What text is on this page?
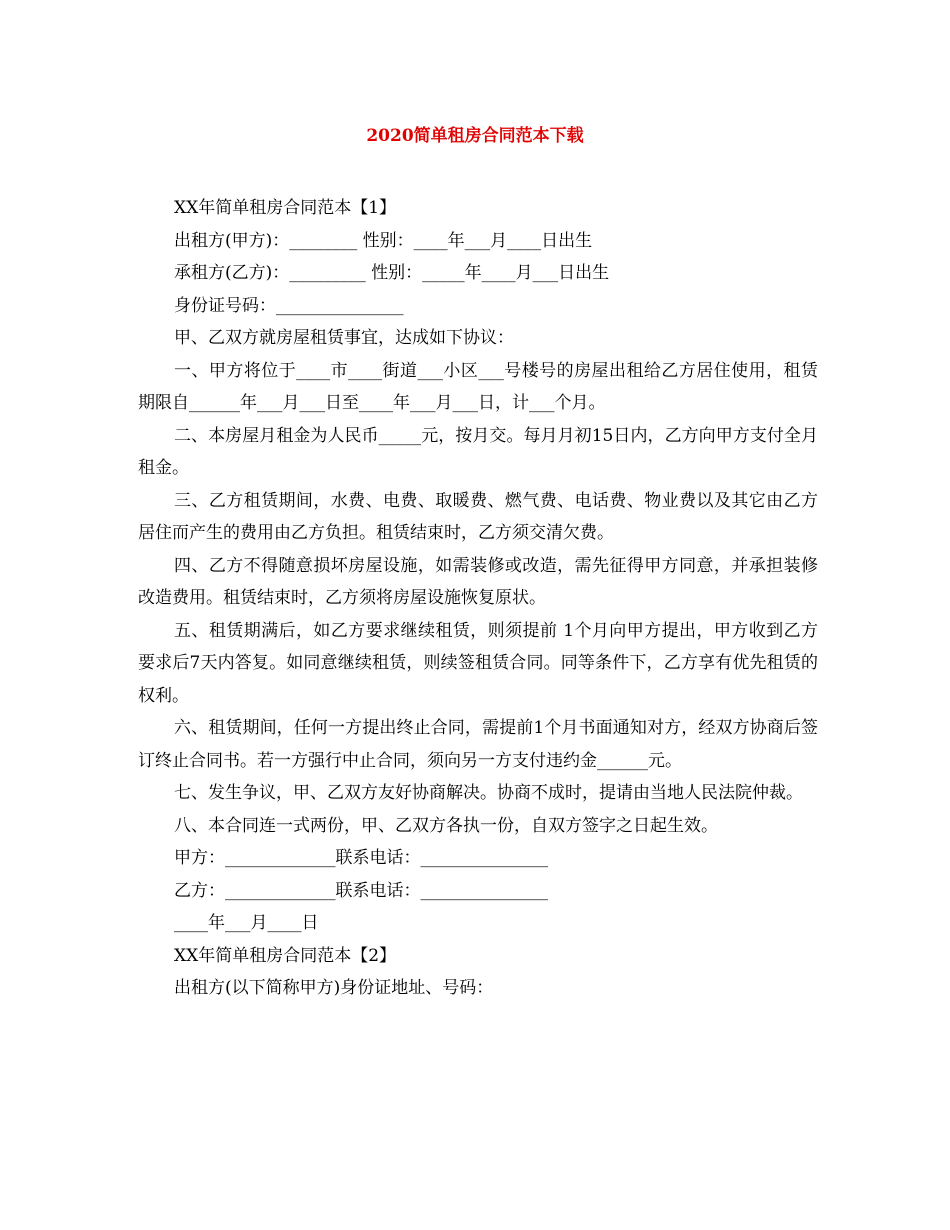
2020简单租房合同范本下载

XX年简单租房合同范本【1】

出租方(甲方)：________ 性别：____年___月____日出生

承租方(乙方)：_________ 性别：_____年____月___日出生

身份证号码：_______________

甲、乙双方就房屋租赁事宜，达成如下协议：

一、甲方将位于____市____街道___小区___号楼号的房屋出租给乙方居住使用，租赁期限自______年___月___日至____年___月___日，计___个月。

二、本房屋月租金为人民币_____元，按月交。每月月初15日内，乙方向甲方支付全月租金。

三、乙方租赁期间，水费、电费、取暖费、燃气费、电话费、物业费以及其它由乙方居住而产生的费用由乙方负担。租赁结束时，乙方须交清欠费。

四、乙方不得随意损坏房屋设施，如需装修或改造，需先征得甲方同意，并承担装修改造费用。租赁结束时，乙方须将房屋设施恢复原状。

五、租赁期满后，如乙方要求继续租赁，则须提前 1个月向甲方提出，甲方收到乙方要求后7天内答复。如同意继续租赁，则续签租赁合同。同等条件下，乙方享有优先租赁的权利。

六、租赁期间，任何一方提出终止合同，需提前1个月书面通知对方，经双方协商后签订终止合同书。若一方强行中止合同，须向另一方支付违约金______元。

七、发生争议，甲、乙双方友好协商解决。协商不成时，提请由当地人民法院仲裁。

八、本合同连一式两份，甲、乙双方各执一份，自双方签字之日起生效。

甲方：_____________联系电话：_______________

乙方：_____________联系电话：_______________

____年___月____日

XX年简单租房合同范本【2】

出租方(以下简称甲方)身份证地址、号码：
